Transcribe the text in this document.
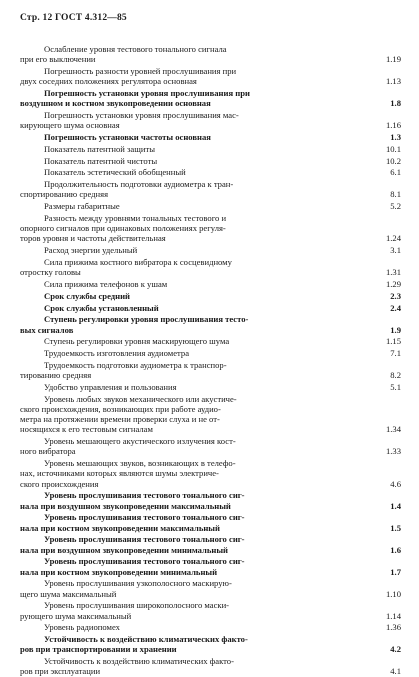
Стр. 12 ГОСТ 4.312—85
Ослабление уровня тестового тонального сигнала
при его выключении	1.19
Погрешность разности уровней прослушивания при
двух соседних положениях регулятора основная	1.13
Погрешность установки уровня прослушивания при
воздушном и костном звукопроведении основная	1.8
Погрешность установки уровня прослушивания мас-
кирующего шума основная	1.16
Погрешность установки частоты основная	1.3
Показатель патентной защиты	10.1
Показатель патентной чистоты	10.2
Показатель эстетический обобщенный	6.1
Продолжительность подготовки аудиометра к тран-
спортированию средняя	8.1
Размеры габаритные	5.2
Разность между уровнями тональных тестового и
опорного сигналов при одинаковых положениях регуля-
торов уровня и частоты действительная	1.24
Расход энергии удельный	3.1
Сила прижима костного вибратора к сосцевидному
отростку головы	1.31
Сила прижима телефонов к ушам	1.29
Срок службы средний	2.3
Срок службы установленный	2.4
Ступень регулировки уровня прослушивания тесто-
вых сигналов	1.9
Ступень регулировки уровня маскирующего шума	1.15
Трудоемкость изготовления аудиометра	7.1
Трудоемкость подготовки аудиометра к транспор-
тированию средняя	8.2
Удобство управления и пользования	5.1
Уровень любых звуков механического или акустиче-
ского происхождения, возникающих при работе аудио-
метра на протяжении времени проверки слуха и не от-
носящихся к его тестовым сигналам	1.34
Уровень мешающего акустического излучения кост-
ного вибратора	1.33
Уровень мешающих звуков, возникающих в телефо-
нах, источниками которых являются шумы электриче-
ского происхождения	4.6
Уровень прослушивания тестового тонального сиг-
нала при воздушном звукопроведении максимальный	1.4
Уровень прослушивания тестового тонального сиг-
нала при костном звукопроведении максимальный	1.5
Уровень прослушивания тестового тонального сиг-
нала при воздушном звукопроведении минимальный	1.6
Уровень прослушивания тестового тонального сиг-
нала при костном звукопроведении минимальный	1.7
Уровень прослушивания узкополосного маскирую-
щего шума максимальный	1.10
Уровень прослушивания широкополосного маски-
рующего шума максимальный	1.14
Уровень радиопомех	1.36
Устойчивость к воздействию климатических факто-
ров при транспортировании и хранении	4.2
Устойчивость к воздействию климатических факто-
ров при эксплуатации	4.1
